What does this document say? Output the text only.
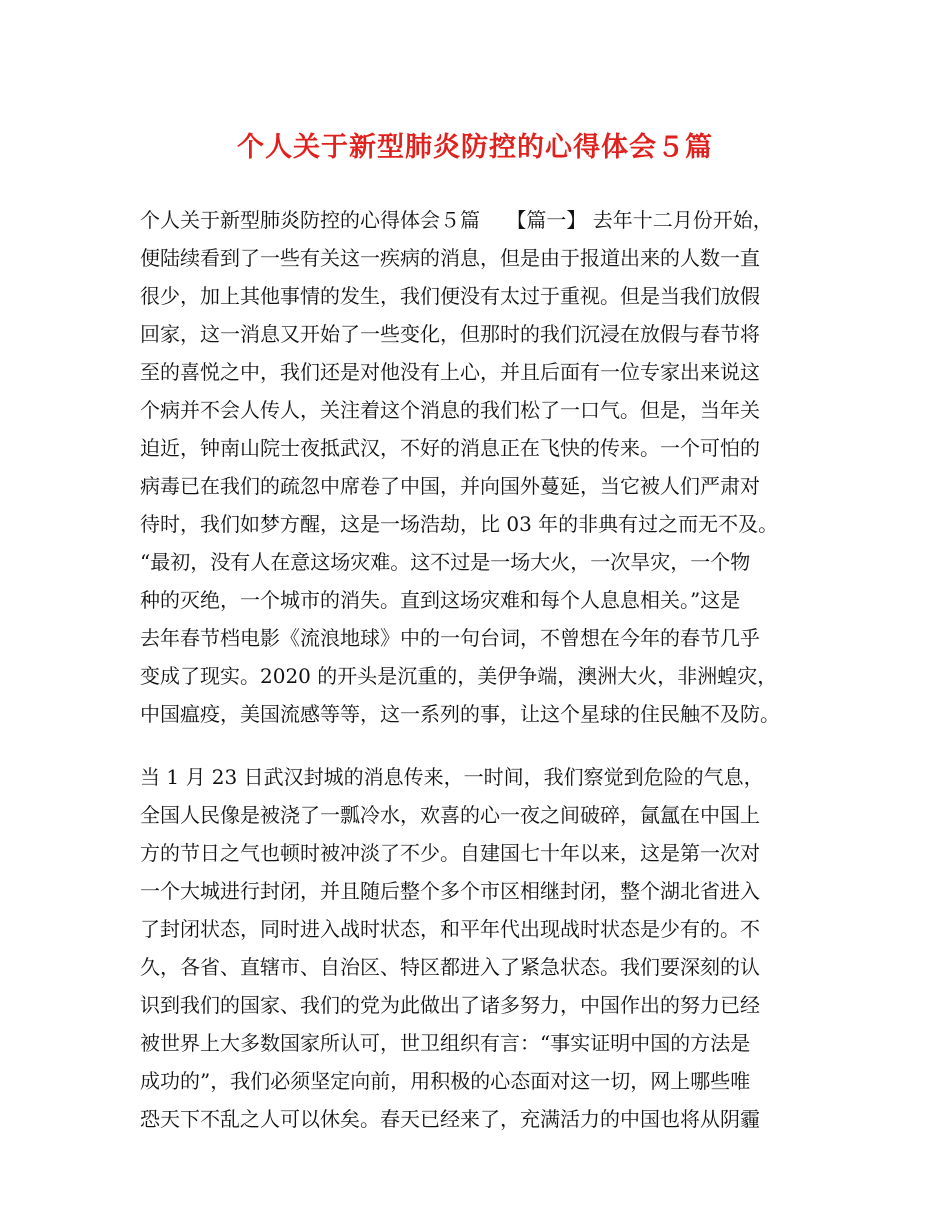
个人关于新型肺炎防控的心得体会５篇
个人关于新型肺炎防控的心得体会５篇　 【篇一】 去年十二月份开始，
便陆续看到了一些有关这一疾病的消息，但是由于报道出来的人数一直
很少，加上其他事情的发生，我们便没有太过于重视。但是当我们放假
回家，这一消息又开始了一些变化，但那时的我们沉浸在放假与春节将
至的喜悦之中，我们还是对他没有上心，并且后面有一位专家出来说这
个病并不会人传人，关注着这个消息的我们松了一口气。但是，当年关
迫近，钟南山院士夜抵武汉，不好的消息正在飞快的传来。一个可怕的
病毒已在我们的疏忽中席卷了中国，并向国外蔓延，当它被人们严肃对
待时，我们如梦方醒，这是一场浩劫，比 03 年的非典有过之而无不及。
“最初，没有人在意这场灾难。这不过是一场大火，一次旱灾，一个物
种的灭绝，一个城市的消失。直到这场灾难和每个人息息相关。”这是
去年春节档电影《流浪地球》中的一句台词，不曾想在今年的春节几乎
变成了现实。2020 的开头是沉重的，美伊争端，澳洲大火，非洲蝗灾，
中国瘟疫，美国流感等等，这一系列的事，让这个星球的住民触不及防。
当 1 月 23 日武汉封城的消息传来，一时间，我们察觉到危险的气息，
全国人民像是被浇了一瓢冷水，欢喜的心一夜之间破碎，氤氲在中国上
方的节日之气也顿时被冲淡了不少。自建国七十年以来，这是第一次对
一个大城进行封闭，并且随后整个多个市区相继封闭，整个湖北省进入
了封闭状态，同时进入战时状态，和平年代出现战时状态是少有的。不
久，各省、直辖市、自治区、特区都进入了紧急状态。我们要深刻的认
识到我们的国家、我们的党为此做出了诸多努力，中国作出的努力已经
被世界上大多数国家所认可，世卫组织有言：“事实证明中国的方法是
成功的”，我们必须坚定向前，用积极的心态面对这一切，网上哪些唯
恐天下不乱之人可以休矣。春天已经来了，充满活力的中国也将从阴霾
